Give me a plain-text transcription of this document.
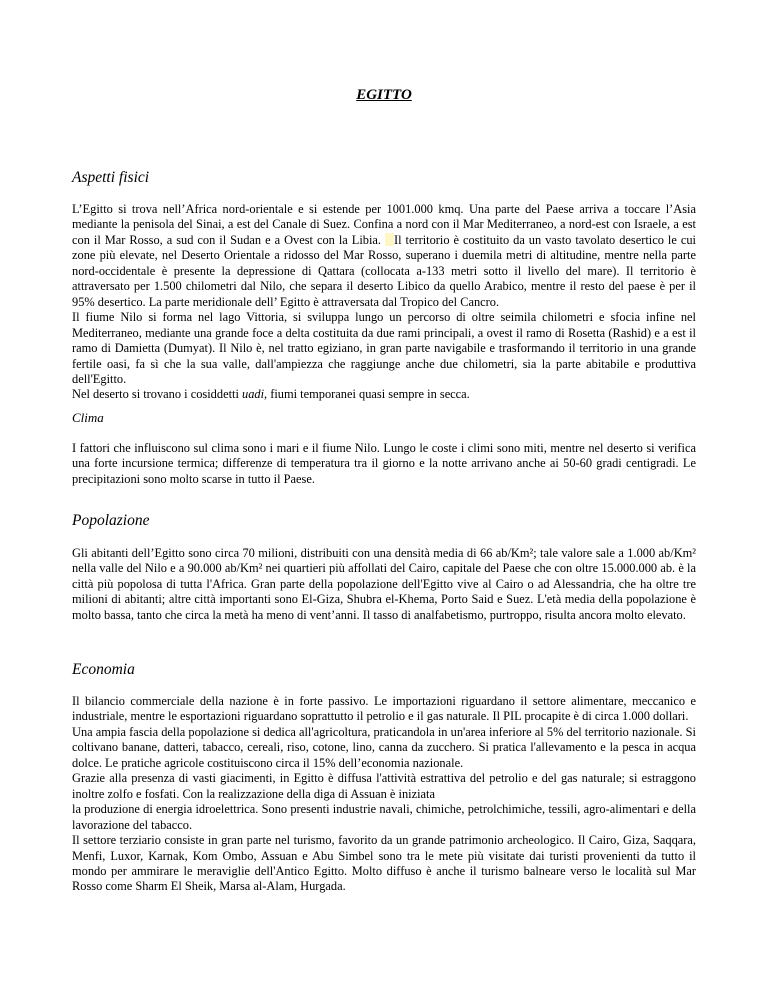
EGITTO
Aspetti fisici

L’Egitto si trova nell’Africa nord-orientale e si estende per 1001.000 kmq. Una parte del Paese arriva a toccare l’Asia mediante la penisola del Sinai, a est del Canale di Suez. Confina a nord con il Mar Mediterraneo, a nord-est con Israele, a est con il Mar Rosso, a sud con il Sudan e a Ovest con la Libia. Il territorio è costituito da un vasto tavolato desertico le cui zone più elevate, nel Deserto Orientale a ridosso del Mar Rosso, superano i duemila metri di altitudine, mentre nella parte nord-occidentale è presente la depressione di Qattara (collocata a-133 metri sotto il livello del mare). Il territorio è attraversato per 1.500 chilometri dal Nilo, che separa il deserto Libico da quello Arabico, mentre il resto del paese è per il 95% desertico. La parte meridionale dell’ Egitto è attraversata dal Tropico del Cancro.

Il fiume Nilo si forma nel lago Vittoria, si sviluppa lungo un percorso di oltre seimila chilometri e sfocia infine nel Mediterraneo, mediante una grande foce a delta costituita da due rami principali, a ovest il ramo di Rosetta (Rashid) e a est il ramo di Damietta (Dumyat). Il Nilo è, nel tratto egiziano, in gran parte navigabile e trasformando il territorio in una grande fertile oasi, fa sì che la sua valle, dall'ampiezza che raggiunge anche due chilometri, sia la parte abitabile e produttiva dell'Egitto.

Nel deserto si trovano i cosiddetti uadi, fiumi temporanei quasi sempre in secca.

Clima

I fattori che influiscono sul clima sono i mari e il fiume Nilo. Lungo le coste i climi sono miti, mentre nel deserto si verifica una forte incursione termica; differenze di temperatura tra il giorno e la notte arrivano anche ai 50-60 gradi centigradi. Le precipitazioni sono molto scarse in tutto il Paese.

Popolazione

Gli abitanti dell’Egitto sono circa 70 milioni, distribuiti con una densità media di 66 ab/Km²; tale valore sale a 1.000 ab/Km² nella valle del Nilo e a 90.000 ab/Km² nei quartieri più affollati del Cairo, capitale del Paese che con oltre 15.000.000 ab. è la città più popolosa di tutta l'Africa. Gran parte della popolazione dell'Egitto vive al Cairo o ad Alessandria, che ha oltre tre milioni di abitanti; altre città importanti sono El-Giza, Shubra el-Khema, Porto Said e Suez. L'età media della popolazione è molto bassa, tanto che circa la metà ha meno di vent’anni. Il tasso di analfabetismo, purtroppo, risulta ancora molto elevato.

Economia

Il bilancio commerciale della nazione è in forte passivo. Le importazioni riguardano il settore alimentare, meccanico e industriale, mentre le esportazioni riguardano soprattutto il petrolio e il gas naturale. Il PIL procapite è di circa 1.000 dollari.

Una ampia fascia della popolazione si dedica all'agricoltura, praticandola in un'area inferiore al 5% del territorio nazionale. Si coltivano banane, datteri, tabacco, cereali, riso, cotone, lino, canna da zucchero. Si pratica l'allevamento e la pesca in acqua dolce. Le pratiche agricole costituiscono circa il 15% dell’economia nazionale.

Grazie alla presenza di vasti giacimenti, in Egitto è diffusa l'attività estrattiva del petrolio e del gas naturale; si estraggono inoltre zolfo e fosfati. Con la realizzazione della diga di Assuan è iniziata

la produzione di energia idroelettrica. Sono presenti industrie navali, chimiche, petrolchimiche, tessili, agro-alimentari e della lavorazione del tabacco.

Il settore terziario consiste in gran parte nel turismo, favorito da un grande patrimonio archeologico. Il Cairo, Giza, Saqqara, Menfi, Luxor, Karnak, Kom Ombo, Assuan e Abu Simbel sono tra le mete più visitate dai turisti provenienti da tutto il mondo per ammirare le meraviglie dell'Antico Egitto. Molto diffuso è anche il turismo balneare verso le località sul Mar Rosso come Sharm El Sheik, Marsa al-Alam, Hurgada.
